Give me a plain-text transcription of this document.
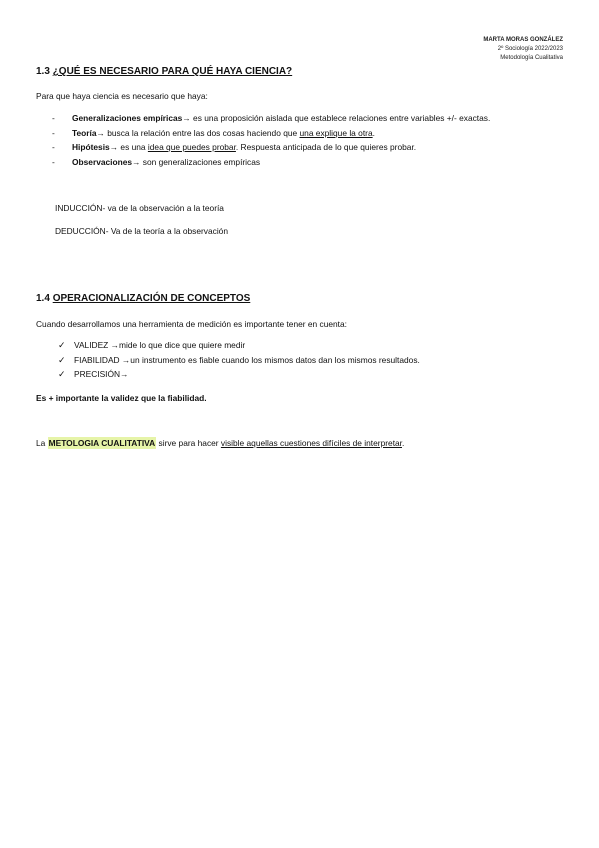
MARTA MORAS GONZÁLEZ
2º Sociología 2022/2023
Metodología Cualitativa
1.3 ¿QUÉ ES NECESARIO PARA QUÉ HAYA CIENCIA?
Para que haya ciencia es necesario que haya:
- Generalizaciones empíricas→ es una proposición aislada que establece relaciones entre variables +/- exactas.
- Teoría→ busca la relación entre las dos cosas haciendo que una explique la otra.
- Hipótesis→ es una idea que puedes probar. Respuesta anticipada de lo que quieres probar.
- Observaciones→ son generalizaciones empíricas
INDUCCIÓN- va de la observación a la teoría
DEDUCCIÓN- Va de la teoría a la observación
1.4 OPERACIONALIZACIÓN DE CONCEPTOS
Cuando desarrollamos una herramienta de medición es importante tener en cuenta:
✓ VALIDEZ →mide lo que dice que quiere medir
✓ FIABILIDAD →un instrumento es fiable cuando los mismos datos dan los mismos resultados.
✓ PRECISIÓN→
Es + importante la validez que la fiabilidad.
La METOLOGIA CUALITATIVA sirve para hacer visible aquellas cuestiones difíciles de interpretar.
